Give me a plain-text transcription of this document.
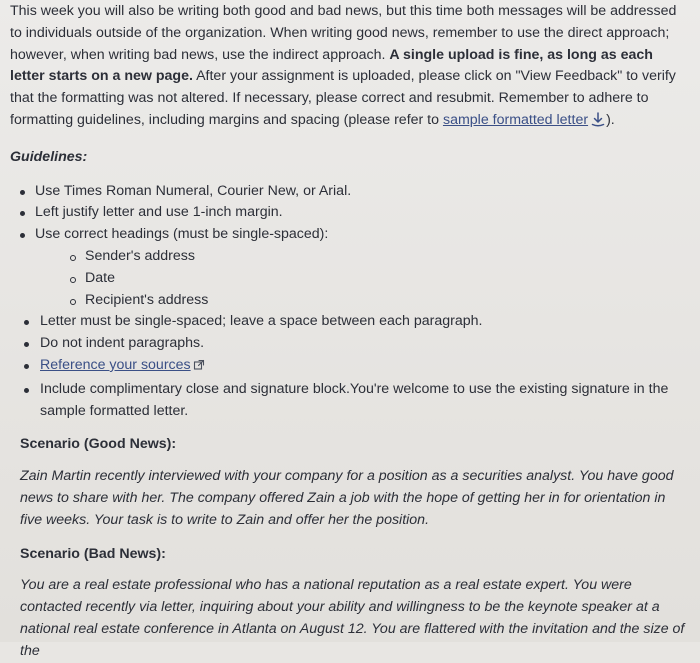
This week you will also be writing both good and bad news, but this time both messages will be addressed to individuals outside of the organization. When writing good news, remember to use the direct approach; however, when writing bad news, use the indirect approach. A single upload is fine, as long as each letter starts on a new page. After your assignment is uploaded, please click on "View Feedback" to verify that the formatting was not altered. If necessary, please correct and resubmit. Remember to adhere to formatting guidelines, including margins and spacing (please refer to sample formatted letter ).

Guidelines:
Use Times Roman Numeral, Courier New, or Arial.
Left justify letter and use 1-inch margin.
Use correct headings (must be single-spaced):
Sender's address
Date
Recipient's address
Letter must be single-spaced; leave a space between each paragraph.
Do not indent paragraphs.
Reference your sources
Include complimentary close and signature block.You're welcome to use the existing signature in the sample formatted letter.
Scenario (Good News):

Zain Martin recently interviewed with your company for a position as a securities analyst. You have good news to share with her. The company offered Zain a job with the hope of getting her in for orientation in five weeks. Your task is to write to Zain and offer her the position.

Scenario (Bad News):

You are a real estate professional who has a national reputation as a real estate expert. You were contacted recently via letter, inquiring about your ability and willingness to be the keynote speaker at a national real estate conference in Atlanta on August 12. You are flattered with the invitation and the size of the
